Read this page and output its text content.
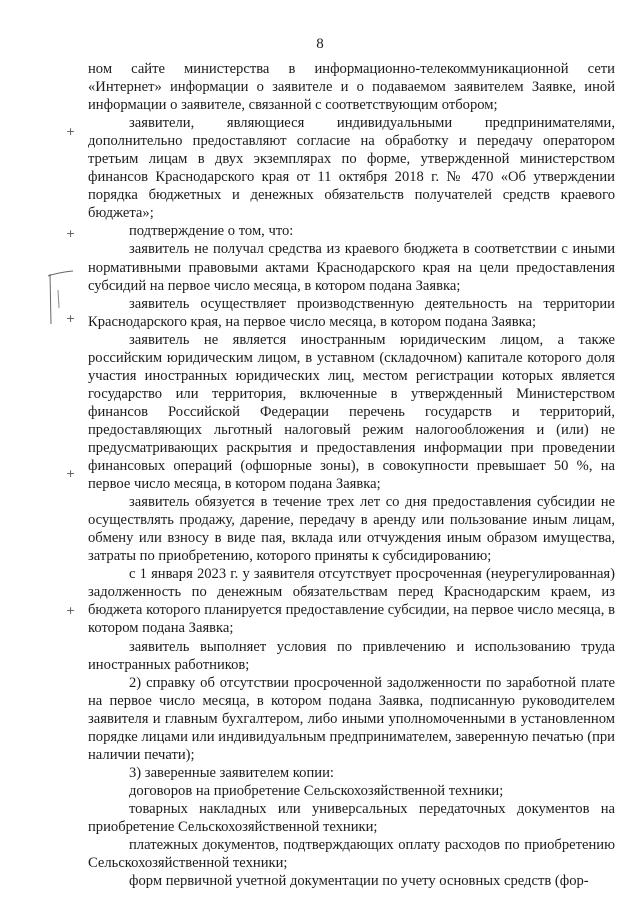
8
+
+
+
+
+

ном сайте министерства в информационно-телекоммуникационной сети «Интернет» информации о заявителе и о подаваемом заявителем Заявке, иной информации о заявителе, связанной с соответствующим отбором;

заявители, являющиеся индивидуальными предпринимателями, дополнительно предоставляют согласие на обработку и передачу оператором третьим лицам в двух экземплярах по форме, утвержденной министерством финансов Краснодарского края от 11 октября 2018 г. № 470 «Об утверждении порядка бюджетных и денежных обязательств получателей средств краевого бюджета»;

подтверждение о том, что:

заявитель не получал средства из краевого бюджета в соответствии с иными нормативными правовыми актами Краснодарского края на цели предоставления субсидий на первое число месяца, в котором подана Заявка;

заявитель осуществляет производственную деятельность на территории Краснодарского края, на первое число месяца, в котором подана Заявка;

заявитель не является иностранным юридическим лицом, а также российским юридическим лицом, в уставном (складочном) капитале которого доля участия иностранных юридических лиц, местом регистрации которых является государство или территория, включенные в утвержденный Министерством финансов Российской Федерации перечень государств и территорий, предоставляющих льготный налоговый режим налогообложения и (или) не предусматривающих раскрытия и предоставления информации при проведении финансовых операций (офшорные зоны), в совокупности превышает 50 %, на первое число месяца, в котором подана Заявка;

заявитель обязуется в течение трех лет со дня предоставления субсидии не осуществлять продажу, дарение, передачу в аренду или пользование иным лицам, обмену или взносу в виде пая, вклада или отчуждения иным образом имущества, затраты по приобретению, которого приняты к субсидированию;

с 1 января 2023 г. у заявителя отсутствует просроченная (неурегулированная) задолженность по денежным обязательствам перед Краснодарским краем, из бюджета которого планируется предоставление субсидии, на первое число месяца, в котором подана Заявка;

заявитель выполняет условия по привлечению и использованию труда иностранных работников;

2) справку об отсутствии просроченной задолженности по заработной плате на первое число месяца, в котором подана Заявка, подписанную руководителем заявителя и главным бухгалтером, либо иными уполномоченными в установленном порядке лицами или индивидуальным предпринимателем, заверенную печатью (при наличии печати);

3) заверенные заявителем копии:

договоров на приобретение Сельскохозяйственной техники;

товарных накладных или универсальных передаточных документов на приобретение Сельскохозяйственной техники;

платежных документов, подтверждающих оплату расходов по приобретению Сельскохозяйственной техники;

форм первичной учетной документации по учету основных средств (фор-
